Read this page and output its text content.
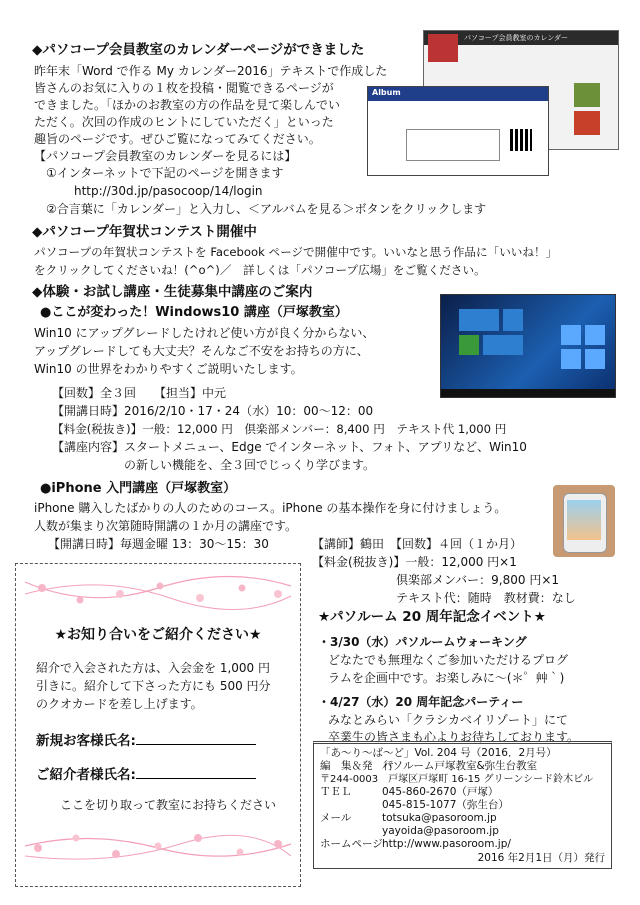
◆パソコープ会員教室のカレンダーページができました
昨年末「Word で作る My カレンダー2016」テキストで作成した
皆さんのお気に入りの１枚を投稿・閲覧できるページが
できました。「ほかのお教室の方の作品を見て楽しんでい
ただく。次回の作成のヒントにしていただく」といった
趣旨のページです。ぜひご覧になってみてください。
【パソコープ会員教室のカレンダーを見るには】
①インターネットで下記のページを開きます
http://30d.jp/pasocoop/14/login
②合言葉に「カレンダー」と入力し、＜アルバムを見る＞ボタンをクリックします
パソコープ会員教室のカレンダー
Album
◆パソコープ年賀状コンテスト開催中
パソコープの年賀状コンテストを Facebook ページで開催中です。いいなと思う作品に「いいね！」
をクリックしてくださいね！(^o^)／　詳しくは「パソコープ広場」をご覧ください。
◆体験・お試し講座・生徒募集中講座のご案内
●ここが変わった！Windows10 講座（戸塚教室）
Win10 にアップグレードしたけれど使い方が良く分からない、
アップグレードしても大丈夫？そんなご不安をお持ちの方に、
Win10 の世界をわかりやすくご説明いたします。
【回数】全３回　　【担当】中元
【開講日時】2016/2/10・17・24（水）10：00～12：00
【料金(税抜き)】一般：12,000 円　倶楽部メンバー：8,400 円　テキスト代 1,000 円
【講座内容】スタートメニュー、Edge でインターネット、フォト、アプリなど、Win10
　　　　　　の新しい機能を、全３回でじっくり学びます。
●iPhone 入門講座（戸塚教室）
iPhone 購入したばかりの人のためのコース。iPhone の基本操作を身に付けましょう。
人数が集まり次第随時開講の１か月の講座です。
【開講日時】毎週金曜 13：30～15：30	【講師】鶴田　【回数】４回（１か月）
【料金(税抜き)】一般：12,000 円×1
倶楽部メンバー：9,800 円×1
テキスト代：随時　教材費：なし
★お知り合いをご紹介ください★
紹介で入会された方は、入会金を 1,000 円
引きに。紹介して下さった方にも 500 円分
のクオカードを差し上げます。
新規お客様氏名:
ご紹介者様氏名:
ここを切り取って教室にお持ちください
★パソルーム 20 周年記念イベント★
・3/30（水）パソルームウォーキング
どなたでも無理なくご参加いただけるプログ
ラムを企画中です。お楽しみに～(＊゜艸｀)
・4/27（水）20 周年記念パーティー
みなとみらい「クラシカベイリゾート」にて
卒業生の皆さまも心よりお待ちしております。
「あ～り～ば～ど」Vol. 204 号（2016．2月号）
編　集＆発　行パソルーム戸塚教室&弥生台教室
〒244-0003　戸塚区戸塚町 16-15 グリーンシード鈴木ビル
ＴＥＬ	045-860-2670（戸塚）
045-815-1077（弥生台）
メール	totsuka@pasoroom.jp
yayoida@pasoroom.jp
ホームページhttp://www.pasoroom.jp/
2016 年2月1日（月）発行
